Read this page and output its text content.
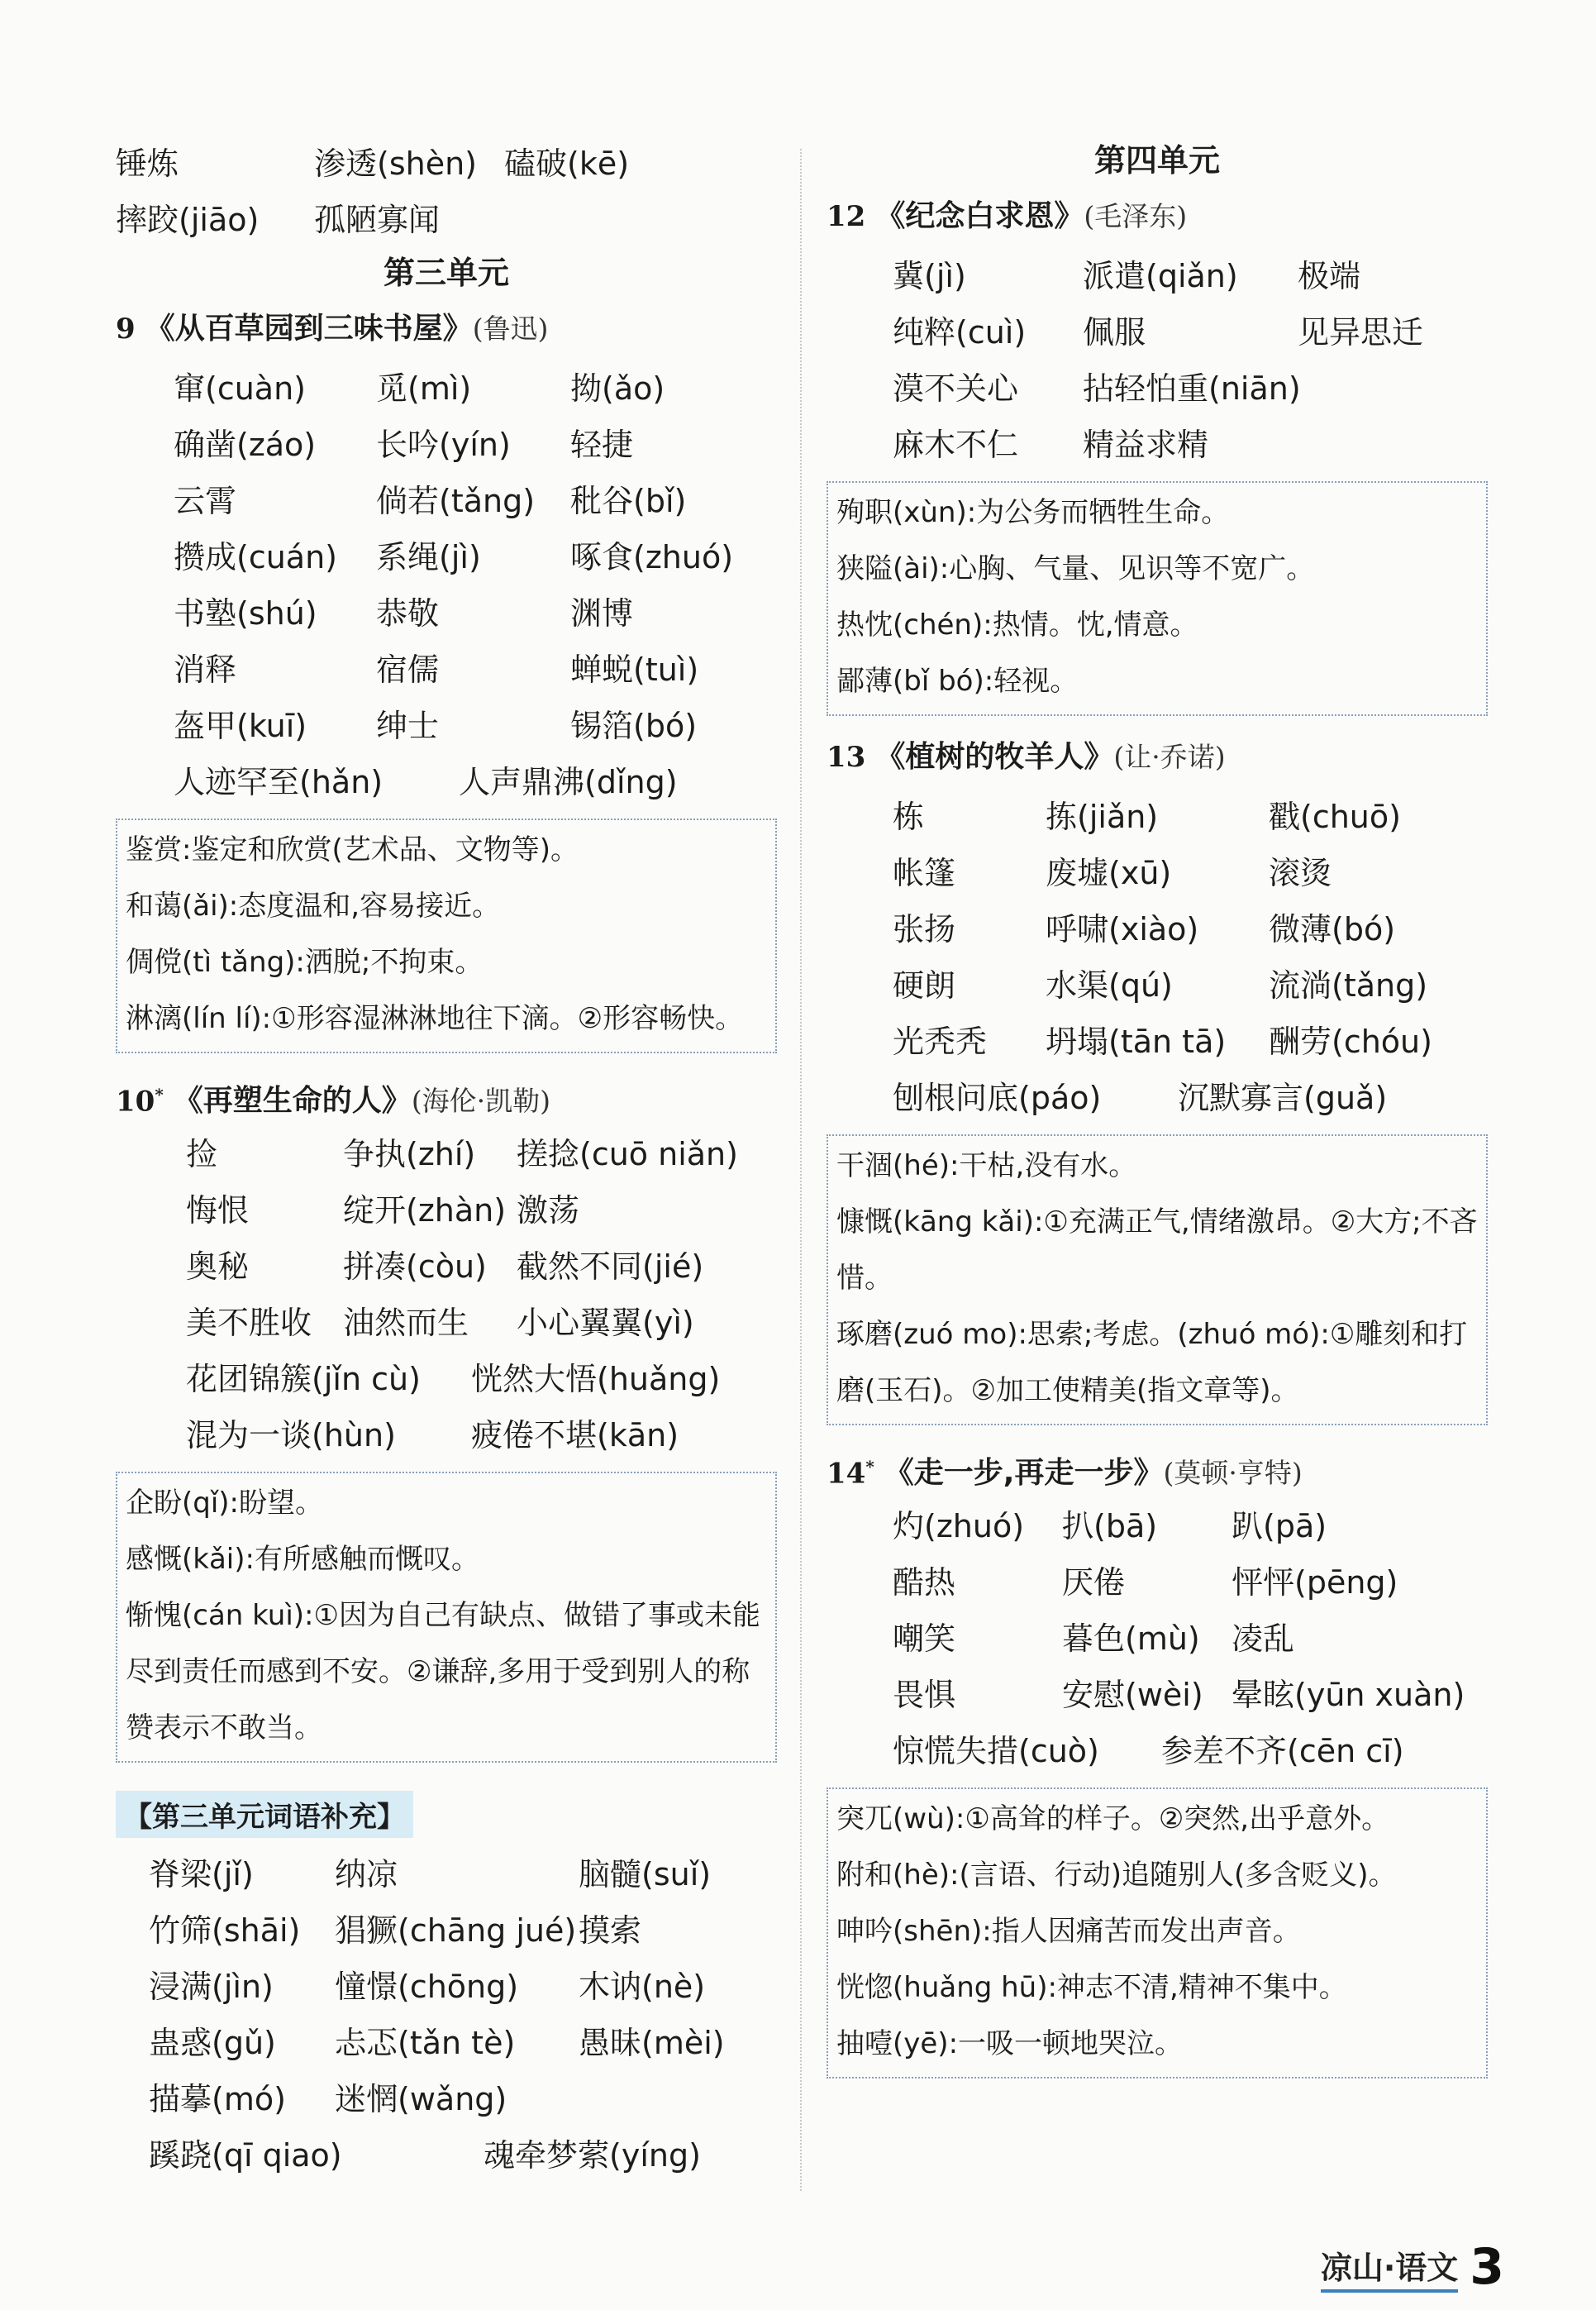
锤炼	渗透(shèn) 磕破(kē)
摔跤(jiāo)	孤陋寡闻
第三单元
9 《从百草园到三味书屋》 (鲁迅)
窜(cuàn)	觅(mì)	拗(ǎo)
确凿(záo)	长吟(yín)	轻捷
云霄	倘若(tǎng)	秕谷(bǐ)
攒成(cuán)	系绳(jì)	啄食(zhuó)
书塾(shú)	恭敬	渊博
消释	宿儒	蝉蜕(tuì)
盔甲(kuī)	绅士	锡箔(bó)
人迹罕至(hǎn)	人声鼎沸(dǐng)
鉴赏:鉴定和欣赏(艺术品、文物等)。
和蔼(ǎi):态度温和,容易接近。
倜傥(tì tǎng):洒脱;不拘束。
淋漓(lín lí):①形容湿淋淋地往下滴。②形容畅快。
10* 《再塑生命的人》 (海伦·凯勒)
捡	争执(zhí)	搓捻(cuō niǎn)
悔恨	绽开(zhàn) 激荡
奥秘	拼凑(còu) 截然不同(jié)
美不胜收 油然而生	小心翼翼(yì)
花团锦簇(jǐn cù)	恍然大悟(huǎng)
混为一谈(hùn)	疲倦不堪(kān)
企盼(qǐ):盼望。
感慨(kǎi):有所感触而慨叹。
惭愧(cán kuì):①因为自己有缺点、做错了事或未能尽到责任而感到不安。②谦辞,多用于受到别人的称赞表示不敢当。
【第三单元词语补充】
脊梁(jǐ)	纳凉	脑髓(suǐ)
竹筛(shāi)	猖獗(chāng jué) 摸索
浸满(jìn)	憧憬(chōng)	木讷(nè)
蛊惑(gǔ)	忐忑(tǎn tè)	愚昧(mèi)
描摹(mó)	迷惘(wǎng)
蹊跷(qī qiao)	魂牵梦萦(yíng)
第四单元
12 《纪念白求恩》 (毛泽东)
冀(jì)	派遣(qiǎn)	极端
纯粹(cuì)	佩服	见异思迁
漠不关心	拈轻怕重(niān)
麻木不仁	精益求精
殉职(xùn):为公务而牺牲生命。
狭隘(ài):心胸、气量、见识等不宽广。
热忱(chén):热情。忱,情意。
鄙薄(bǐ bó):轻视。
13 《植树的牧羊人》 (让·乔诺)
栋	拣(jiǎn)	戳(chuō)
帐篷	废墟(xū)	滚烫
张扬	呼啸(xiào)	微薄(bó)
硬朗	水渠(qú)	流淌(tǎng)
光秃秃	坍塌(tān tā)	酬劳(chóu)
刨根问底(páo)	沉默寡言(guǎ)
干涸(hé):干枯,没有水。
慷慨(kāng kǎi):①充满正气,情绪激昂。②大方;不吝惜。
琢磨(zuó mo):思索;考虑。(zhuó mó):①雕刻和打磨(玉石)。②加工使精美(指文章等)。
14* 《走一步,再走一步》 (莫顿·亨特)
灼(zhuó)	扒(bā)	趴(pā)
酷热	厌倦	怦怦(pēng)
嘲笑	暮色(mù)	凌乱
畏惧	安慰(wèi) 晕眩(yūn xuàn)
惊慌失措(cuò)	参差不齐(cēn cī)
突兀(wù):①高耸的样子。②突然,出乎意外。
附和(hè):(言语、行动)追随别人(多含贬义)。
呻吟(shēn):指人因痛苦而发出声音。
恍惚(huǎng hū):神志不清,精神不集中。
抽噎(yē):一吸一顿地哭泣。
凉山·语文 3
